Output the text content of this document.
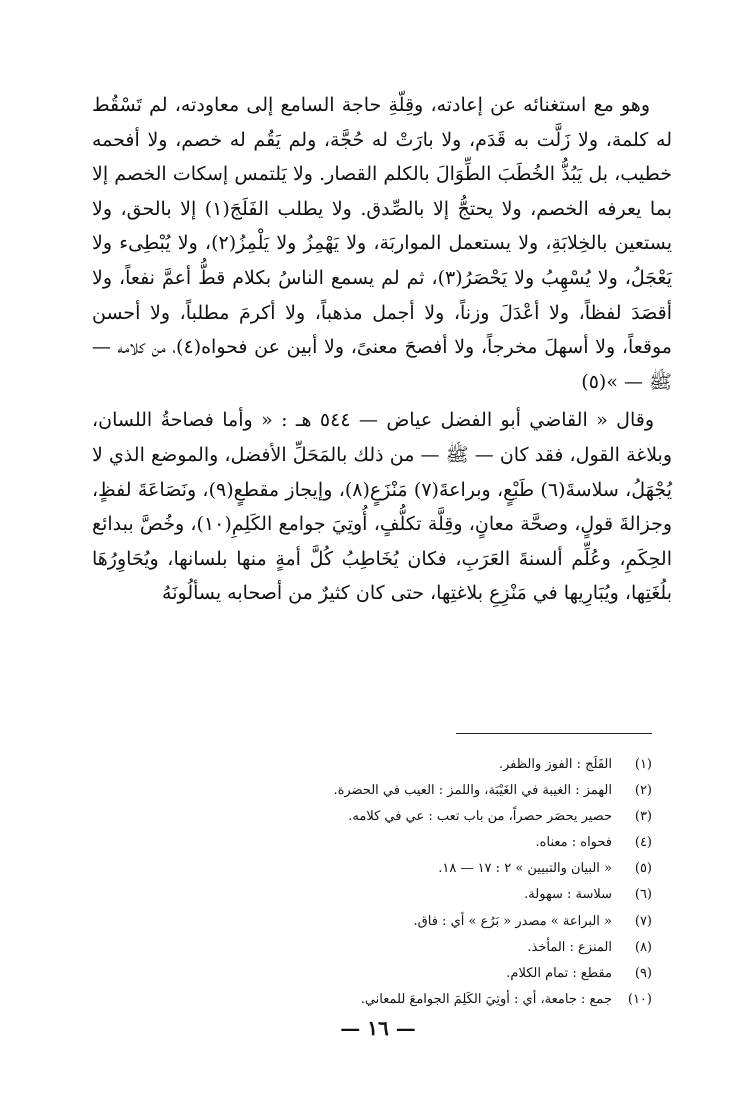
وهو مع استغنائه عن إعادته، وقِلّةِ حاجة السامع إلى معاودته، لم تَسْقُط له كلمة، ولا زَلَّت به قَدَم، ولا بارَتْ له حُجَّة، ولم يَقُم له خصم، ولا أفحمه خطيب، بل يَبُذُّ الخُطَبَ الطِّوَالَ بالكلم القصار. ولا يَلتمس إسكات الخصم إلا بما يعرفه الخصم، ولا يحتجُّ إلا بالصِّدق. ولا يطلب الفَلَجَ(١) إلا بالحق، ولا يستعين بالخِلابَةِ، ولا يستعمل المواربَة، ولا يَهْمِزُ ولا يَلْمِزُ(٢)، ولا يُبْطِىء ولا يَعْجَلُ، ولا يُسْهِبُ ولا يَحْصَرُ(٣)، ثم لم يسمع الناسُ بكلام قطُّ أعمَّ نفعاً، ولا أقصَدَ لفظاً، ولا أعْدَلَ وزناً، ولا أجمل مذهباً، ولا أكرمَ مطلباً، ولا أحسن موقعاً، ولا أسهلَ مخرجاً، ولا أفصحَ معنىً، ولا أبين عن فحواه(٤)، من كلامه — ﷺ — »(٥)

وقال « القاضي أبو الفضل عياض — ٥٤٤ هـ : « وأما فصاحةُ اللسان، وبلاغة القول، فقد كان — ﷺ — من ذلك بالمَحَلِّ الأفضل، والموضع الذي لا يُجْهَلُ، سلاسةَ(٦) طَبْعٍ، وبراعةَ(٧) مَنْزَعٍ(٨)، وإيجاز مقطعٍ(٩)، ونَصَاعَةَ لفظٍ، وجزالةَ قولٍ، وصحَّة معانٍ، وقِلَّة تكلُّفٍ، أُوتِيَ جوامع الكَلِمِ(١٠)، وخُصَّ ببدائع الحِكَمِ، وعُلِّم ألسنةَ العَرَبِ، فكان يُخَاطِبُ كُلَّ أمةٍ منها بلسانها، ويُحَاوِرُهَا بلُغَتِها، ويُبَارِيها في مَنْزِعِ بلاغتِها، حتى كان كثيرٌ من أصحابه يسألُونَهُ

(١)الفَلَج : الفوز والظفر.
(٢)الهمز : الغيبة في الغَيْبَة، واللمز : العيب في الحضرة.
(٣)حصير يحصَر حصراً، من باب تعب : عي في كلامه.
(٤)فحواه : معناه.
(٥)« البيان والتبيين » ٢ : ١٧ — ١٨.
(٦)سلاسة : سهولة.
(٧)« البراعة » مصدر « بَرُع » أي : فاق.
(٨)المنزع : المأخذ.
(٩)مقطع : تمام الكلام.
(١٠)جمع : جامعة، أي : أوتِيَ الكَلِمَ الجوامعَ للمعاني.
— ١٦ —
